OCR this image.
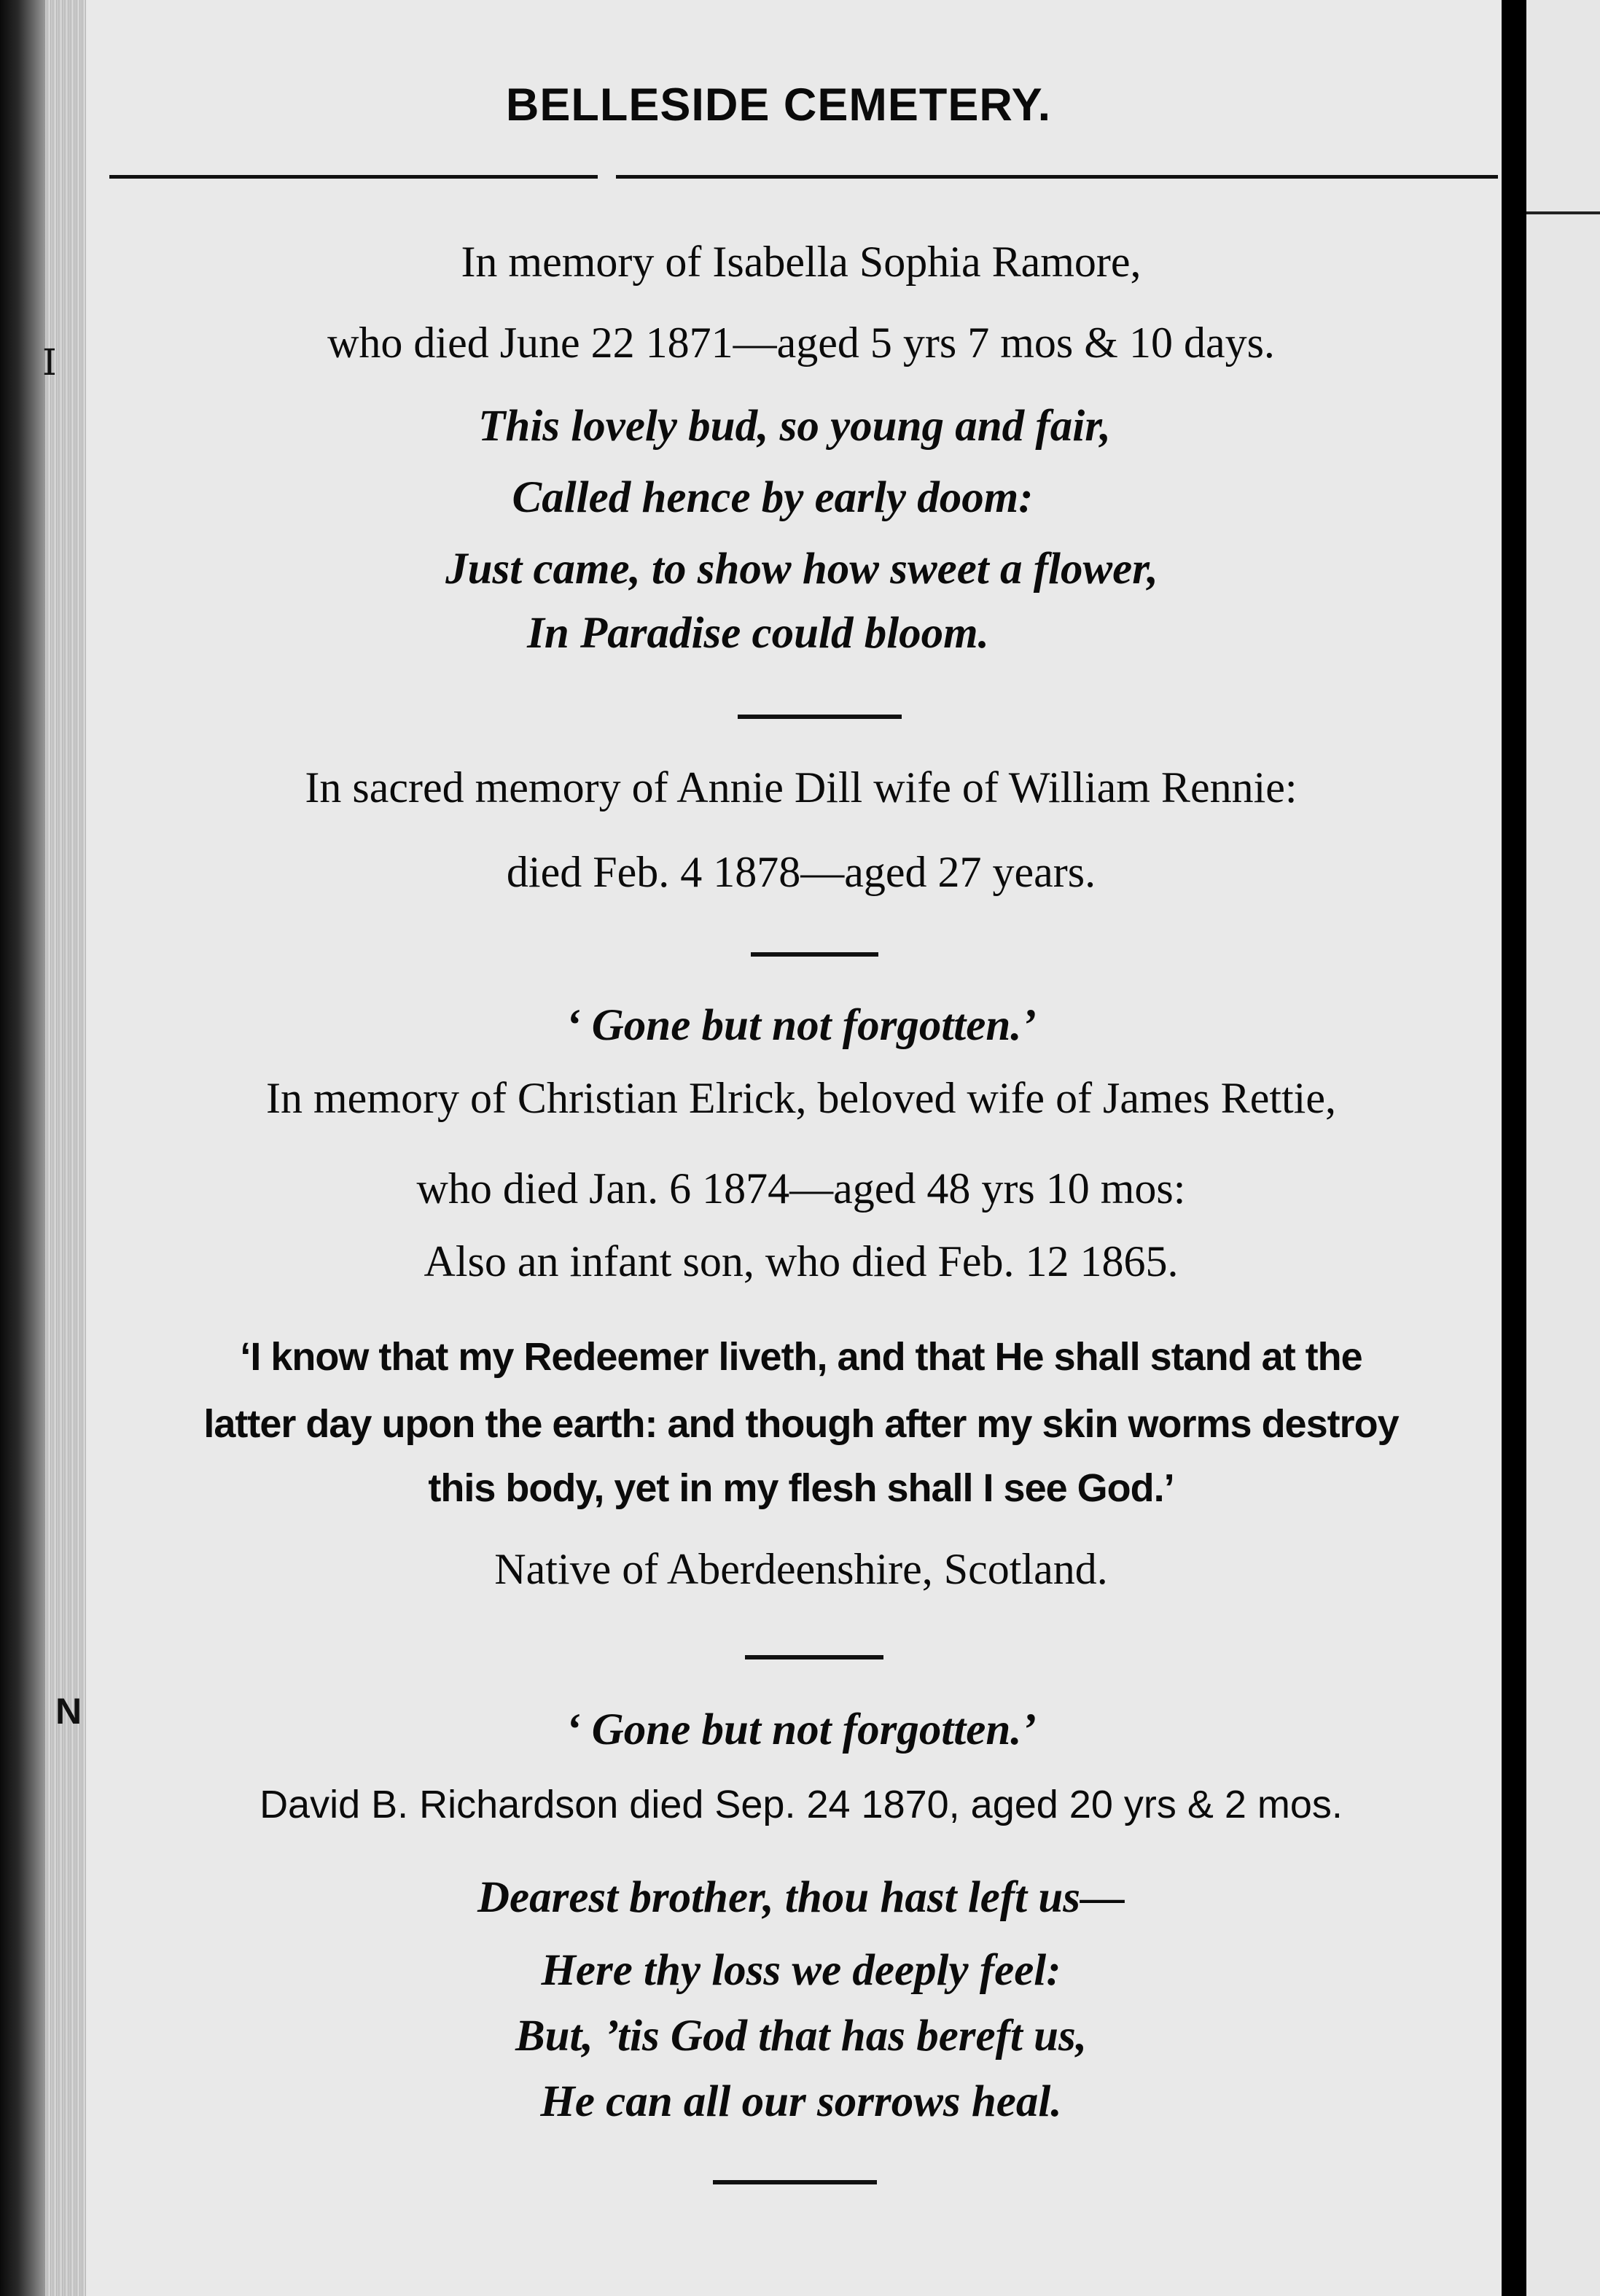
I
N
BELLESIDE CEMETERY.
In memory of Isabella Sophia Ramore,
who died June 22 1871—aged 5 yrs 7 mos & 10 days.
This lovely bud, so young and fair,
Called hence by early doom:
Just came, to show how sweet a flower,
In Paradise could bloom.
In sacred memory of Annie Dill wife of William Rennie:
died Feb. 4 1878—aged 27 years.
‘ Gone but not forgotten.’
In memory of Christian Elrick, beloved wife of James Rettie,
who died Jan. 6 1874—aged 48 yrs 10 mos:
Also an infant son, who died Feb. 12 1865.
‘I know that my Redeemer liveth, and that He shall stand at the
latter day upon the earth: and though after my skin worms destroy
this body, yet in my flesh shall I see God.’
Native of Aberdeenshire, Scotland.
‘ Gone but not forgotten.’
David B. Richardson died Sep. 24 1870, aged 20 yrs & 2 mos.
Dearest brother, thou hast left us—
Here thy loss we deeply feel:
But, ’tis God that has bereft us,
He can all our sorrows heal.
